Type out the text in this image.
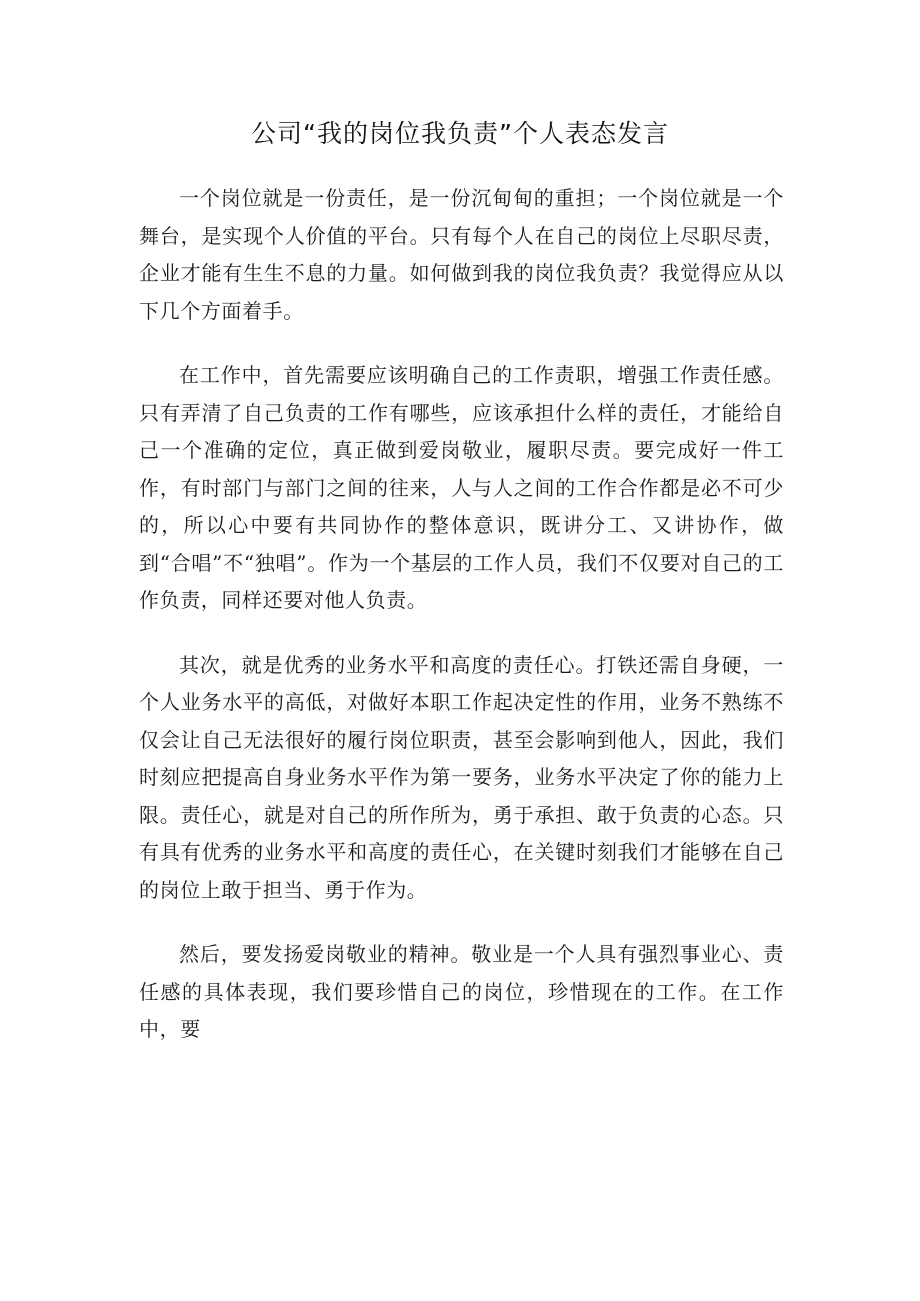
公司“我的岗位我负责”个人表态发言

一个岗位就是一份责任，是一份沉甸甸的重担；一个岗位就是一个舞台，是实现个人价值的平台。只有每个人在自己的岗位上尽职尽责，企业才能有生生不息的力量。如何做到我的岗位我负责？我觉得应从以下几个方面着手。

在工作中，首先需要应该明确自己的工作责职，增强工作责任感。只有弄清了自己负责的工作有哪些，应该承担什么样的责任，才能给自己一个准确的定位，真正做到爱岗敬业，履职尽责。要完成好一件工作，有时部门与部门之间的往来，人与人之间的工作合作都是必不可少的，所以心中要有共同协作的整体意识，既讲分工、又讲协作，做到“合唱”不“独唱”。作为一个基层的工作人员，我们不仅要对自己的工作负责，同样还要对他人负责。

其次，就是优秀的业务水平和高度的责任心。打铁还需自身硬，一个人业务水平的高低，对做好本职工作起决定性的作用，业务不熟练不仅会让自己无法很好的履行岗位职责，甚至会影响到他人，因此，我们时刻应把提高自身业务水平作为第一要务，业务水平决定了你的能力上限。责任心，就是对自己的所作所为，勇于承担、敢于负责的心态。只有具有优秀的业务水平和高度的责任心，在关键时刻我们才能够在自己的岗位上敢于担当、勇于作为。

然后，要发扬爱岗敬业的精神。敬业是一个人具有强烈事业心、责任感的具体表现，我们要珍惜自己的岗位，珍惜现在的工作。在工作中，要
